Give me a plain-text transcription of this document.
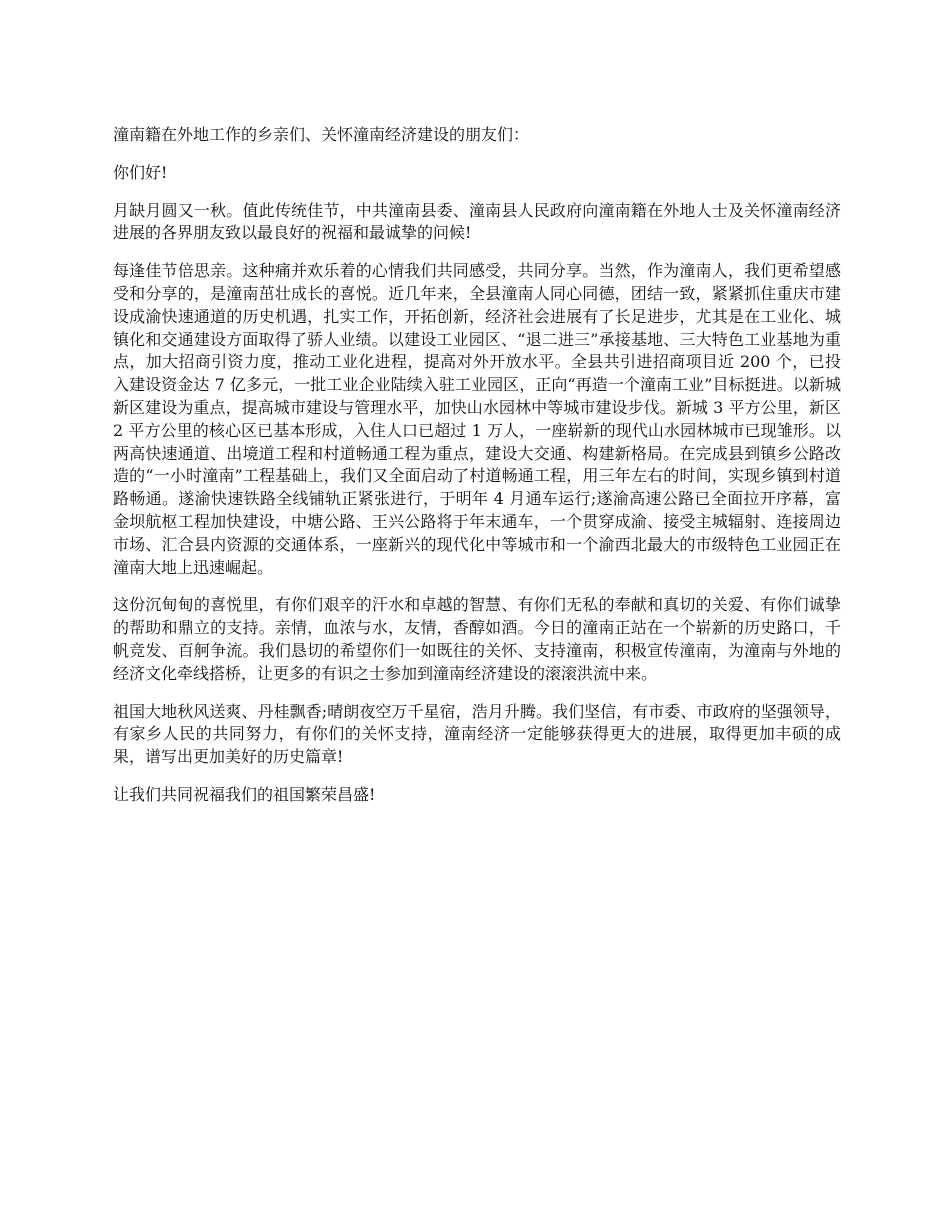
潼南籍在外地工作的乡亲们、关怀潼南经济建设的朋友们：

你们好!

月缺月圆又一秋。值此传统佳节，中共潼南县委、潼南县人民政府向潼南籍在外地人士及关怀潼南经济进展的各界朋友致以最良好的祝福和最诚挚的问候!

每逢佳节倍思亲。这种痛并欢乐着的心情我们共同感受，共同分享。当然，作为潼南人，我们更希望感受和分享的，是潼南茁壮成长的喜悦。近几年来，全县潼南人同心同德，团结一致，紧紧抓住重庆市建设成渝快速通道的历史机遇，扎实工作，开拓创新，经济社会进展有了长足进步，尤其是在工业化、城镇化和交通建设方面取得了骄人业绩。以建设工业园区、“退二进三”承接基地、三大特色工业基地为重点，加大招商引资力度，推动工业化进程，提高对外开放水平。全县共引进招商项目近 200 个，已投入建设资金达 7 亿多元，一批工业企业陆续入驻工业园区，正向“再造一个潼南工业”目标挺进。以新城新区建设为重点，提高城市建设与管理水平，加快山水园林中等城市建设步伐。新城 3 平方公里，新区 2 平方公里的核心区已基本形成，入住人口已超过 1 万人，一座崭新的现代山水园林城市已现雏形。以两高快速通道、出境道工程和村道畅通工程为重点，建设大交通、构建新格局。在完成县到镇乡公路改造的“一小时潼南”工程基础上，我们又全面启动了村道畅通工程，用三年左右的时间，实现乡镇到村道路畅通。遂渝快速铁路全线铺轨正紧张进行，于明年 4 月通车运行;遂渝高速公路已全面拉开序幕，富金坝航枢工程加快建设，中塘公路、王兴公路将于年末通车，一个贯穿成渝、接受主城辐射、连接周边市场、汇合县内资源的交通体系，一座新兴的现代化中等城市和一个渝西北最大的市级特色工业园正在潼南大地上迅速崛起。

这份沉甸甸的喜悦里，有你们艰辛的汗水和卓越的智慧、有你们无私的奉献和真切的关爱、有你们诚挚的帮助和鼎立的支持。亲情，血浓与水，友情，香醇如酒。今日的潼南正站在一个崭新的历史路口，千帆竞发、百舸争流。我们恳切的希望你们一如既往的关怀、支持潼南，积极宣传潼南，为潼南与外地的经济文化牵线搭桥，让更多的有识之士参加到潼南经济建设的滚滚洪流中来。

祖国大地秋风送爽、丹桂飘香;晴朗夜空万千星宿，浩月升腾。我们坚信，有市委、市政府的坚强领导，有家乡人民的共同努力，有你们的关怀支持，潼南经济一定能够获得更大的进展，取得更加丰硕的成果，谱写出更加美好的历史篇章!

让我们共同祝福我们的祖国繁荣昌盛!
